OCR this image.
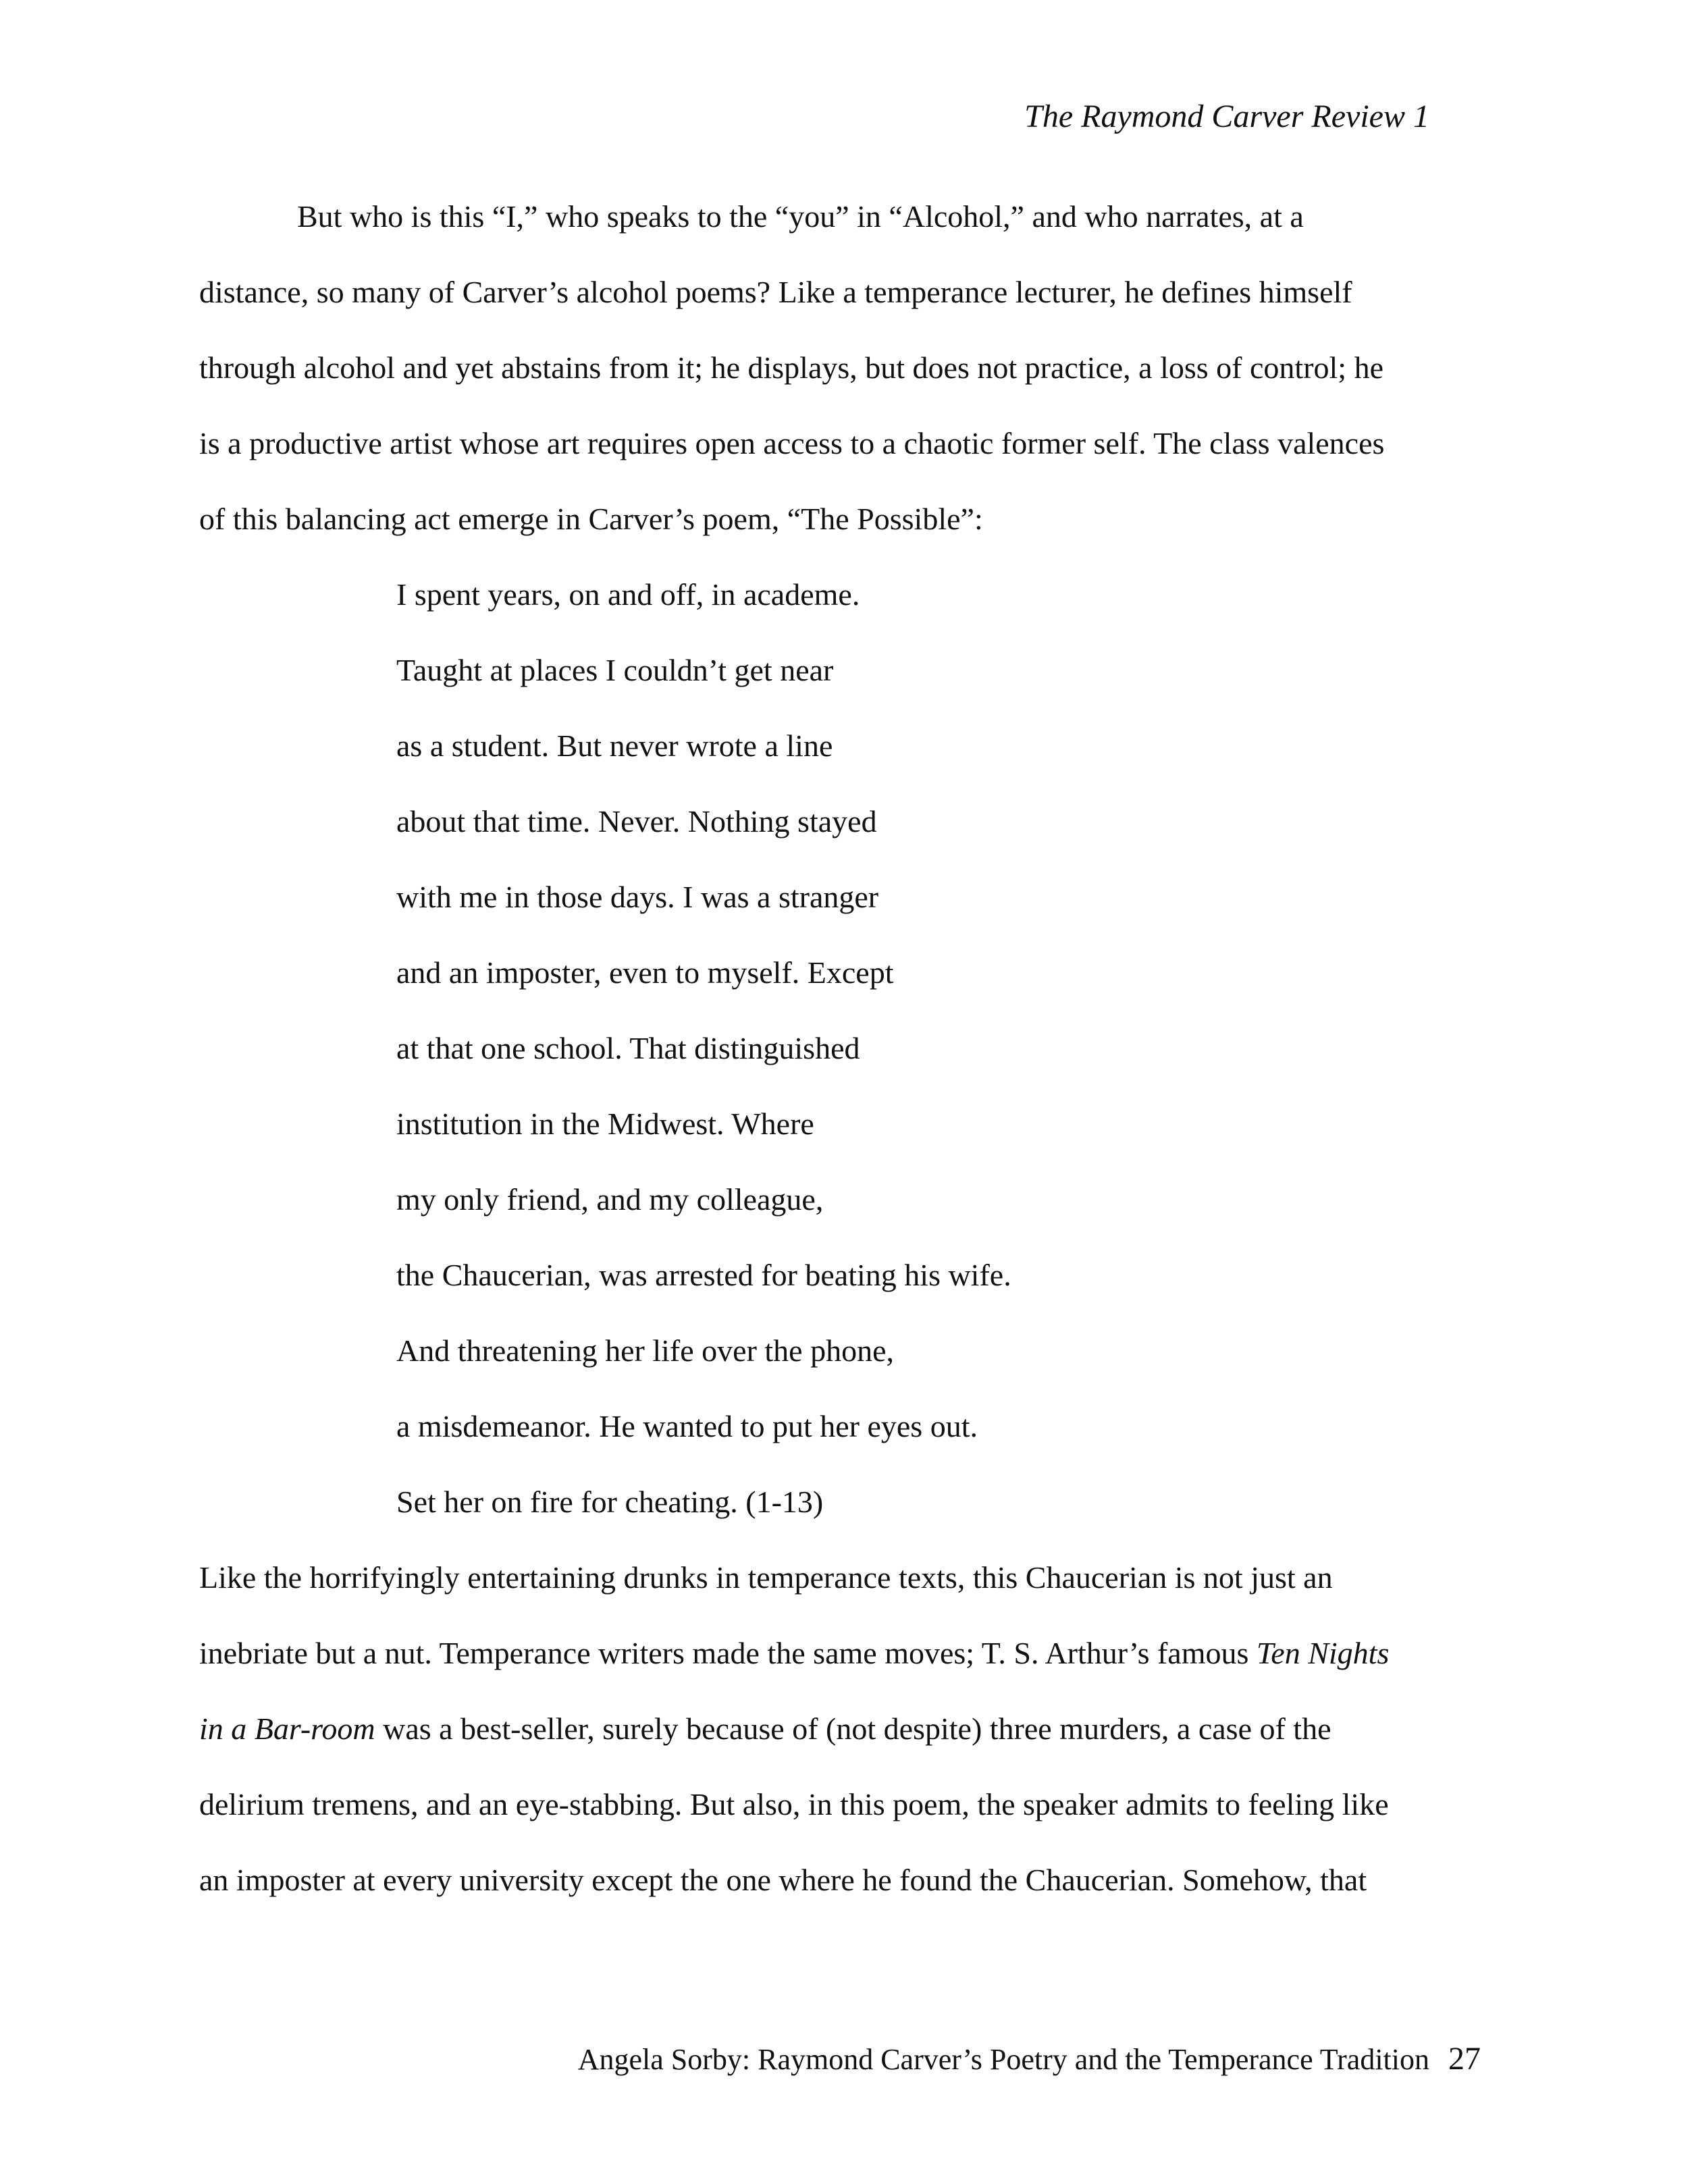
The Raymond Carver Review 1
But who is this “I,” who speaks to the “you” in “Alcohol,” and who narrates, at a
distance, so many of Carver’s alcohol poems? Like a temperance lecturer, he defines himself
through alcohol and yet abstains from it; he displays, but does not practice, a loss of control; he
is a productive artist whose art requires open access to a chaotic former self. The class valences
of this balancing act emerge in Carver’s poem, “The Possible”:
I spent years, on and off, in academe.
Taught at places I couldn’t get near
as a student. But never wrote a line
about that time. Never. Nothing stayed
with me in those days. I was a stranger
and an imposter, even to myself. Except
at that one school. That distinguished
institution in the Midwest. Where
my only friend, and my colleague,
the Chaucerian, was arrested for beating his wife.
And threatening her life over the phone,
a misdemeanor. He wanted to put her eyes out.
Set her on fire for cheating. (1-13)
Like the horrifyingly entertaining drunks in temperance texts, this Chaucerian is not just an
inebriate but a nut. Temperance writers made the same moves; T. S. Arthur’s famous Ten Nights
in a Bar-room was a best-seller, surely because of (not despite) three murders, a case of the
delirium tremens, and an eye-stabbing. But also, in this poem, the speaker admits to feeling like
an imposter at every university except the one where he found the Chaucerian. Somehow, that
Angela Sorby: Raymond Carver’s Poetry and the Temperance Tradition 27
